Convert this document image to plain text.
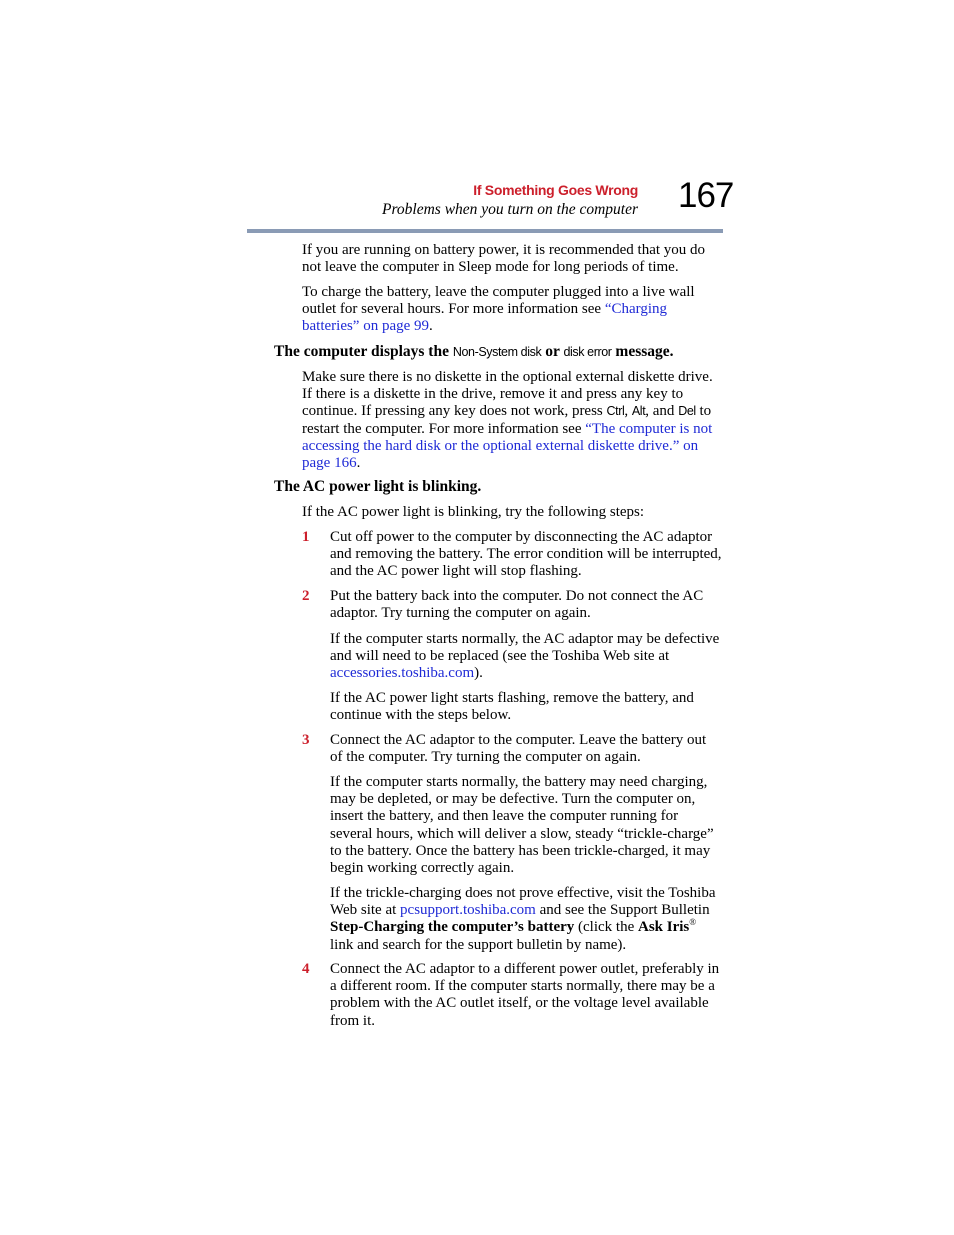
If Something Goes Wrong
Problems when you turn on the computer 167
If you are running on battery power, it is recommended that you do not leave the computer in Sleep mode for long periods of time.
To charge the battery, leave the computer plugged into a live wall outlet for several hours. For more information see “Charging batteries” on page 99.
The computer displays the Non-System disk or disk error message.
Make sure there is no diskette in the optional external diskette drive. If there is a diskette in the drive, remove it and press any key to continue. If pressing any key does not work, press Ctrl, Alt, and Del to restart the computer. For more information see “The computer is not accessing the hard disk or the optional external diskette drive.” on page 166.
The AC power light is blinking.
If the AC power light is blinking, try the following steps:
1 Cut off power to the computer by disconnecting the AC adaptor and removing the battery. The error condition will be interrupted, and the AC power light will stop flashing.
2 Put the battery back into the computer. Do not connect the AC adaptor. Try turning the computer on again.
If the computer starts normally, the AC adaptor may be defective and will need to be replaced (see the Toshiba Web site at accessories.toshiba.com).
If the AC power light starts flashing, remove the battery, and continue with the steps below.
3 Connect the AC adaptor to the computer. Leave the battery out of the computer. Try turning the computer on again.
If the computer starts normally, the battery may need charging, may be depleted, or may be defective. Turn the computer on, insert the battery, and then leave the computer running for several hours, which will deliver a slow, steady “trickle-charge” to the battery. Once the battery has been trickle-charged, it may begin working correctly again.
If the trickle-charging does not prove effective, visit the Toshiba Web site at pcsupport.toshiba.com and see the Support Bulletin Step-Charging the computer’s battery (click the Ask Iris® link and search for the support bulletin by name).
4 Connect the AC adaptor to a different power outlet, preferably in a different room. If the computer starts normally, there may be a problem with the AC outlet itself, or the voltage level available from it.
